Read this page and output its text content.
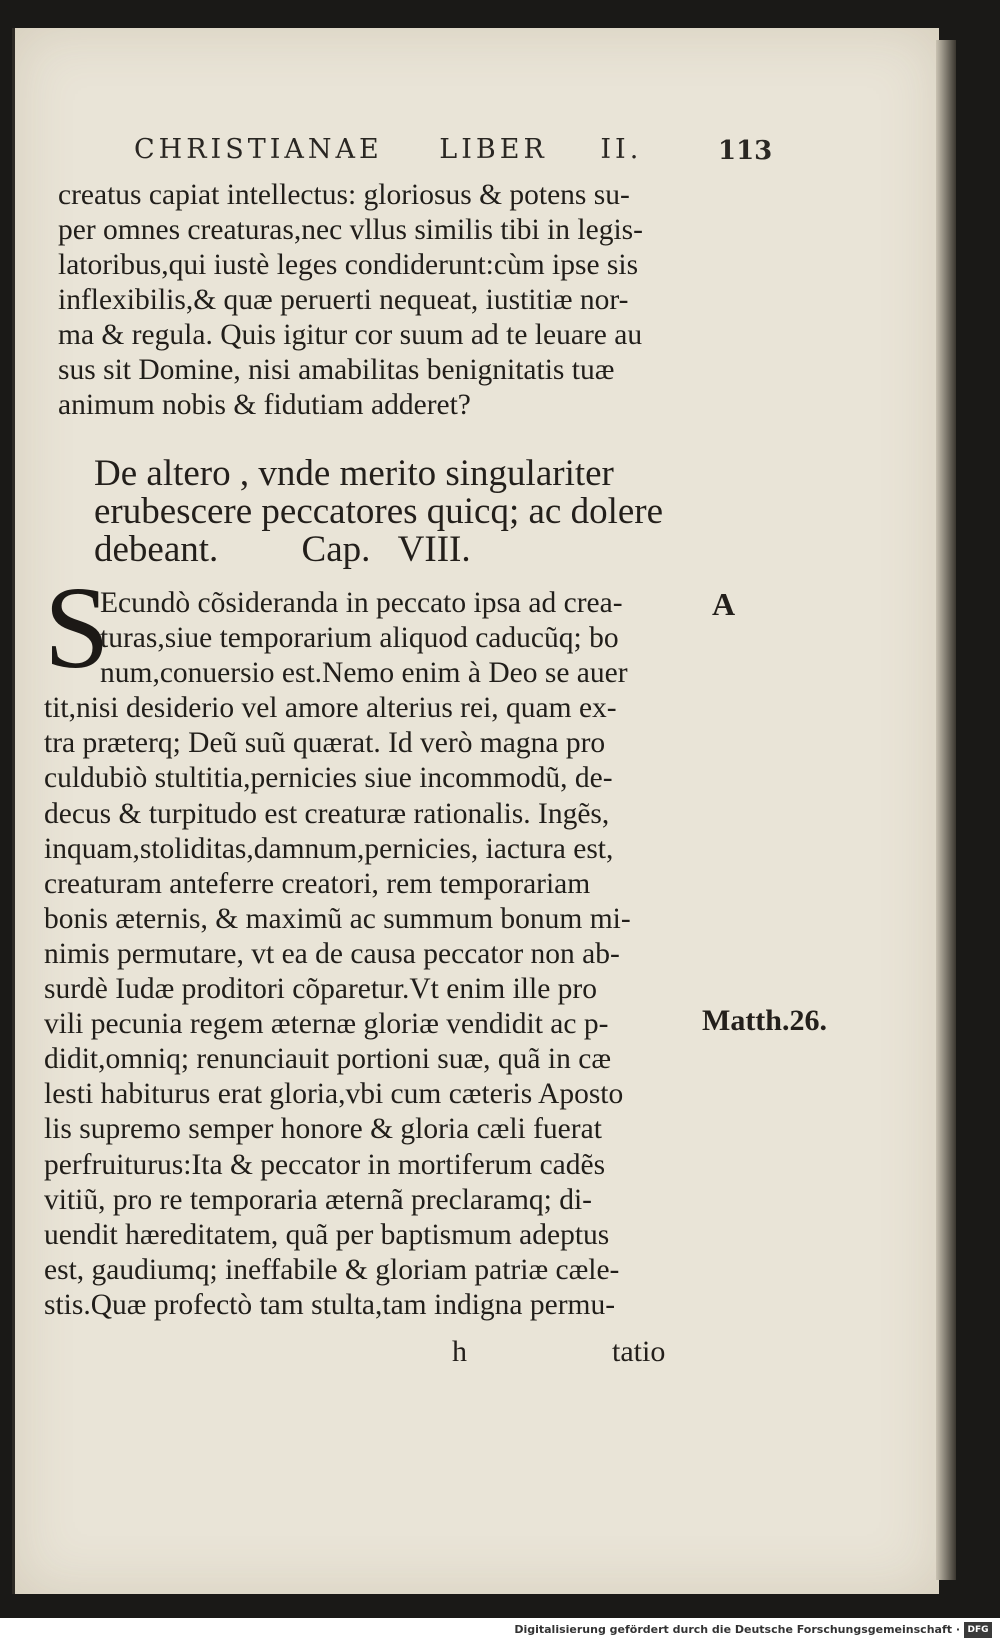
CHRISTIANAE LIBER II.	113
creatus capiat intellectus: gloriosus & potens su-
per omnes creaturas,nec vllus similis tibi in legis-
latoribus,qui iustè leges condiderunt:cùm ipse sis
inflexibilis,& quæ peruerti nequeat, iustitiæ nor-
ma & regula. Quis igitur cor suum ad te leuare au
sus sit Domine, nisi amabilitas benignitatis tuæ
animum nobis & fidutiam adderet?
De altero , vnde merito singulariter
erubescere peccatores quicq; ac dolere
debeant. Cap. VIII.
S
Ecundò cõsideranda in peccato ipsa ad crea-
turas,siue temporarium aliquod caducũq; bo
num,conuersio est.Nemo enim à Deo se auer
tit,nisi desiderio vel amore alterius rei, quam ex-
tra præterq; Deũ suũ quærat. Id verò magna pro
culdubiò stultitia,pernicies siue incommodũ, de-
decus & turpitudo est creaturæ rationalis. Ingẽs,
inquam,stoliditas,damnum,pernicies, iactura est,
creaturam anteferre creatori, rem temporariam
bonis æternis, & maximũ ac summum bonum mi-
nimis permutare, vt ea de causa peccator non ab-
surdè Iudæ proditori cõparetur.Vt enim ille pro
vili pecunia regem æternæ gloriæ vendidit ac p-
didit,omniq; renunciauit portioni suæ, quã in cæ
lesti habiturus erat gloria,vbi cum cæteris Aposto
lis supremo semper honore & gloria cæli fuerat
perfruiturus:Ita & peccator in mortiferum cadẽs
vitiũ, pro re temporaria æternã preclaramq; di-
uendit hæreditatem, quã per baptismum adeptus
est, gaudiumq; ineffabile & gloriam patriæ cæle-
stis.Quæ profectò tam stulta,tam indigna permu-
A
Matth.26.
h	tatio
Digitalisierung gefördert durch die Deutsche Forschungsgemeinschaft · DFG
